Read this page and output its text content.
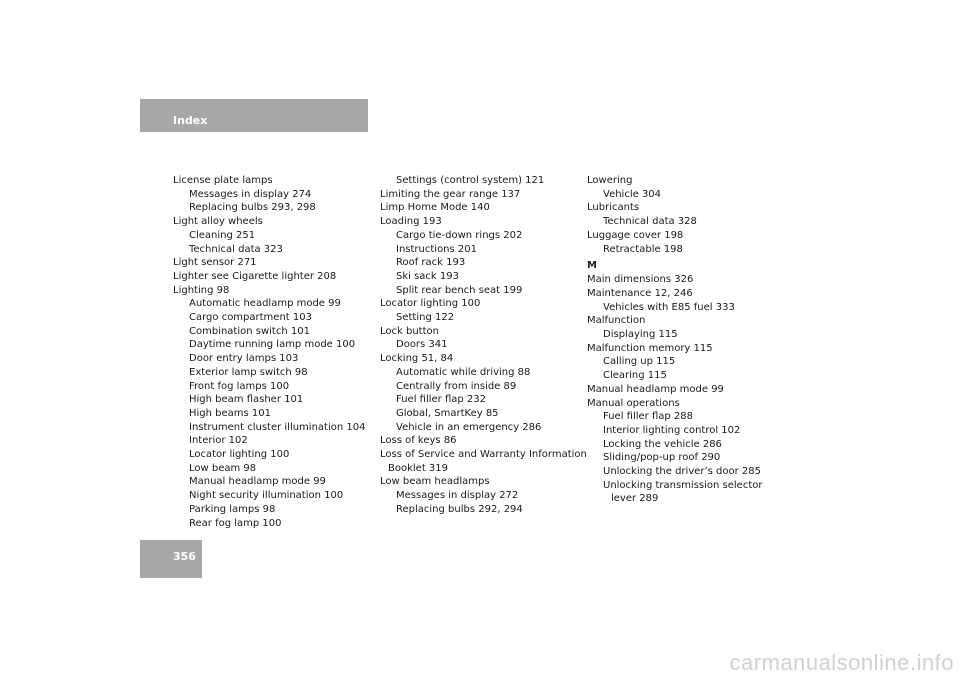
Index
License plate lamps
Messages in display 274
Replacing bulbs 293, 298
Light alloy wheels
Cleaning 251
Technical data 323
Light sensor 271
Lighter see Cigarette lighter 208
Lighting 98
Automatic headlamp mode 99
Cargo compartment 103
Combination switch 101
Daytime running lamp mode 100
Door entry lamps 103
Exterior lamp switch 98
Front fog lamps 100
High beam flasher 101
High beams 101
Instrument cluster illumination 104
Interior 102
Locator lighting 100
Low beam 98
Manual headlamp mode 99
Night security illumination 100
Parking lamps 98
Rear fog lamp 100
Settings (control system) 121
Limiting the gear range 137
Limp Home Mode 140
Loading 193
Cargo tie-down rings 202
Instructions 201
Roof rack 193
Ski sack 193
Split rear bench seat 199
Locator lighting 100
Setting 122
Lock button
Doors 341
Locking 51, 84
Automatic while driving 88
Centrally from inside 89
Fuel filler flap 232
Global, SmartKey 85
Vehicle in an emergency 286
Loss of keys 86
Loss of Service and Warranty Information
Booklet 319
Low beam headlamps
Messages in display 272
Replacing bulbs 292, 294
Lowering
Vehicle 304
Lubricants
Technical data 328
Luggage cover 198
Retractable 198
M
Main dimensions 326
Maintenance 12, 246
Vehicles with E85 fuel 333
Malfunction
Displaying 115
Malfunction memory 115
Calling up 115
Clearing 115
Manual headlamp mode 99
Manual operations
Fuel filler flap 288
Interior lighting control 102
Locking the vehicle 286
Sliding/pop-up roof 290
Unlocking the driver’s door 285
Unlocking transmission selector
lever 289
356
carmanualsonline.info
